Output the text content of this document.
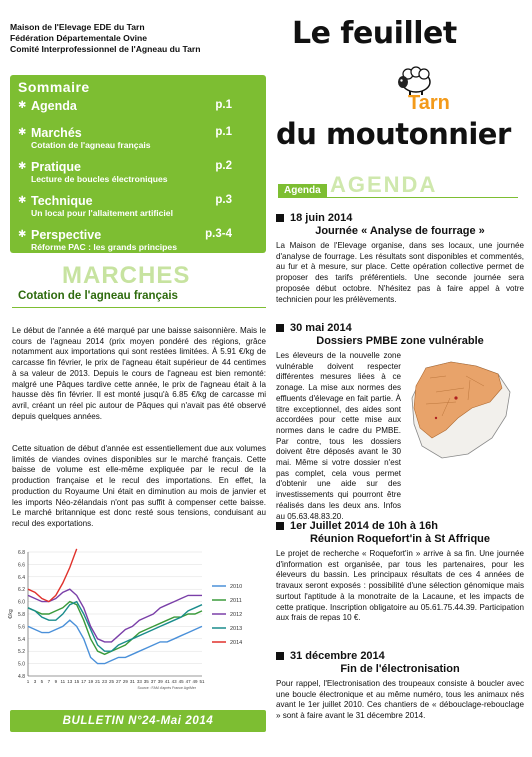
Maison de l'Elevage EDE du Tarn
Fédération Départementale Ovine
Comité Interprofessionnel de l'Agneau du Tarn
Sommaire
✱ Agenda	p.1
✱ Marchés
Cotation de l'agneau français
p.1
✱ Pratique
Lecture de boucles électroniques
p.2
✱ Technique
Un local pour l'allaitement artificiel
p.3
✱ Perspective
Réforme PAC : les grands principes
p.3-4
MARCHES
Cotation de l'agneau français
Le début de l'année a été marqué par une baisse saisonnière. Mais le cours de l'agneau 2014 (prix moyen pondéré des régions, grâce notamment aux importations qui sont restées limitées. À 5.91 €/kg de carcasse fin février, le prix de l'agneau était supérieur de 44 centimes à sa valeur de 2013. Depuis le cours de l'agneau est bien remonté: malgré une Pâques tardive cette année, le prix de l'agneau était à la hausse dès fin février. Il est monté jusqu'à 6.85 €/kg de carcasse mi avril, créant un réel pic autour de Pâques qui n'avait pas été observé depuis quelques années.
Cette situation de début d'année est essentiellement due aux volumes limités de viandes ovines disponibles sur le marché français. Cette baisse de volume est elle-même expliquée par le recul de la production française et le recul des importations. En effet, la production du Royaume Uni était en diminution au mois de janvier et les imports Néo-zélandais n'ont pas suffit à compenser cette baisse. Le marché britannique est donc resté sous tensions, conduisant au recul des exportations.
4.8
5.0
5.2
5.4
5.6
5.8
6.0
6.2
6.4
6.6
6.8
1 3 5 7 9 11 13 15 17 19 21 23 25 27 29 31 33 35 37 39 41 43 45 47 49 51
€/kg
2010
2011
2012
2013
2014
Source : FAM d'après France AgriMer
BULLETIN N°24-Mai 2014
Le feuillet
Tarn
du moutonnier
AGENDA
Agenda
18 juin 2014
Journée « Analyse de fourrage »
La Maison de l'Elevage organise, dans ses locaux, une journée d'analyse de fourrage. Les résultats sont disponibles et commentés, au fur et à mesure, sur place. Cette opération collective permet de proposer des tarifs préférentiels. Une seconde journée sera proposée début octobre. N'hésitez pas à faire appel à votre technicien pour les prélèvements.
30 mai 2014
Dossiers PMBE zone vulnérable
Les éleveurs de la nouvelle zone vulnérable doivent respecter différentes mesures liées à ce zonage. La mise aux normes des effluents d'élevage en fait partie. À titre exceptionnel, des aides sont accordées pour cette mise aux normes dans le cadre du PMBE. Par contre, tous les dossiers doivent être déposés avant le 30 mai. Même si votre dossier n'est pas complet, cela vous permet d'obtenir une aide sur des investissements qui pourront être réalisés dans les deux ans. Infos au 05.63.48.83.20.
1er Juillet 2014 de 10h à 16h
Réunion Roquefort'in à St Affrique
Le projet de recherche « Roquefort'in » arrive à sa fin. Une journée d'information est organisée, par tous les partenaires, pour les éleveurs du bassin. Les principaux résultats de ces 4 années de travaux seront exposés : possibilité d'une sélection génomique mais surtout l'aptitude à la monotraite de la Lacaune, et les impacts de cette pratique. Inscription obligatoire au 05.61.75.44.39. Participation aux frais de repas 10 €.
31 décembre 2014
Fin de l'électronisation
Pour rappel, l'Electronisation des troupeaux consiste à boucler avec une boucle électronique et au même numéro, tous les animaux nés avant le 1er juillet 2010. Ces chantiers de « débouclage-rebouclage » sont à faire avant le 31 décembre 2014.
